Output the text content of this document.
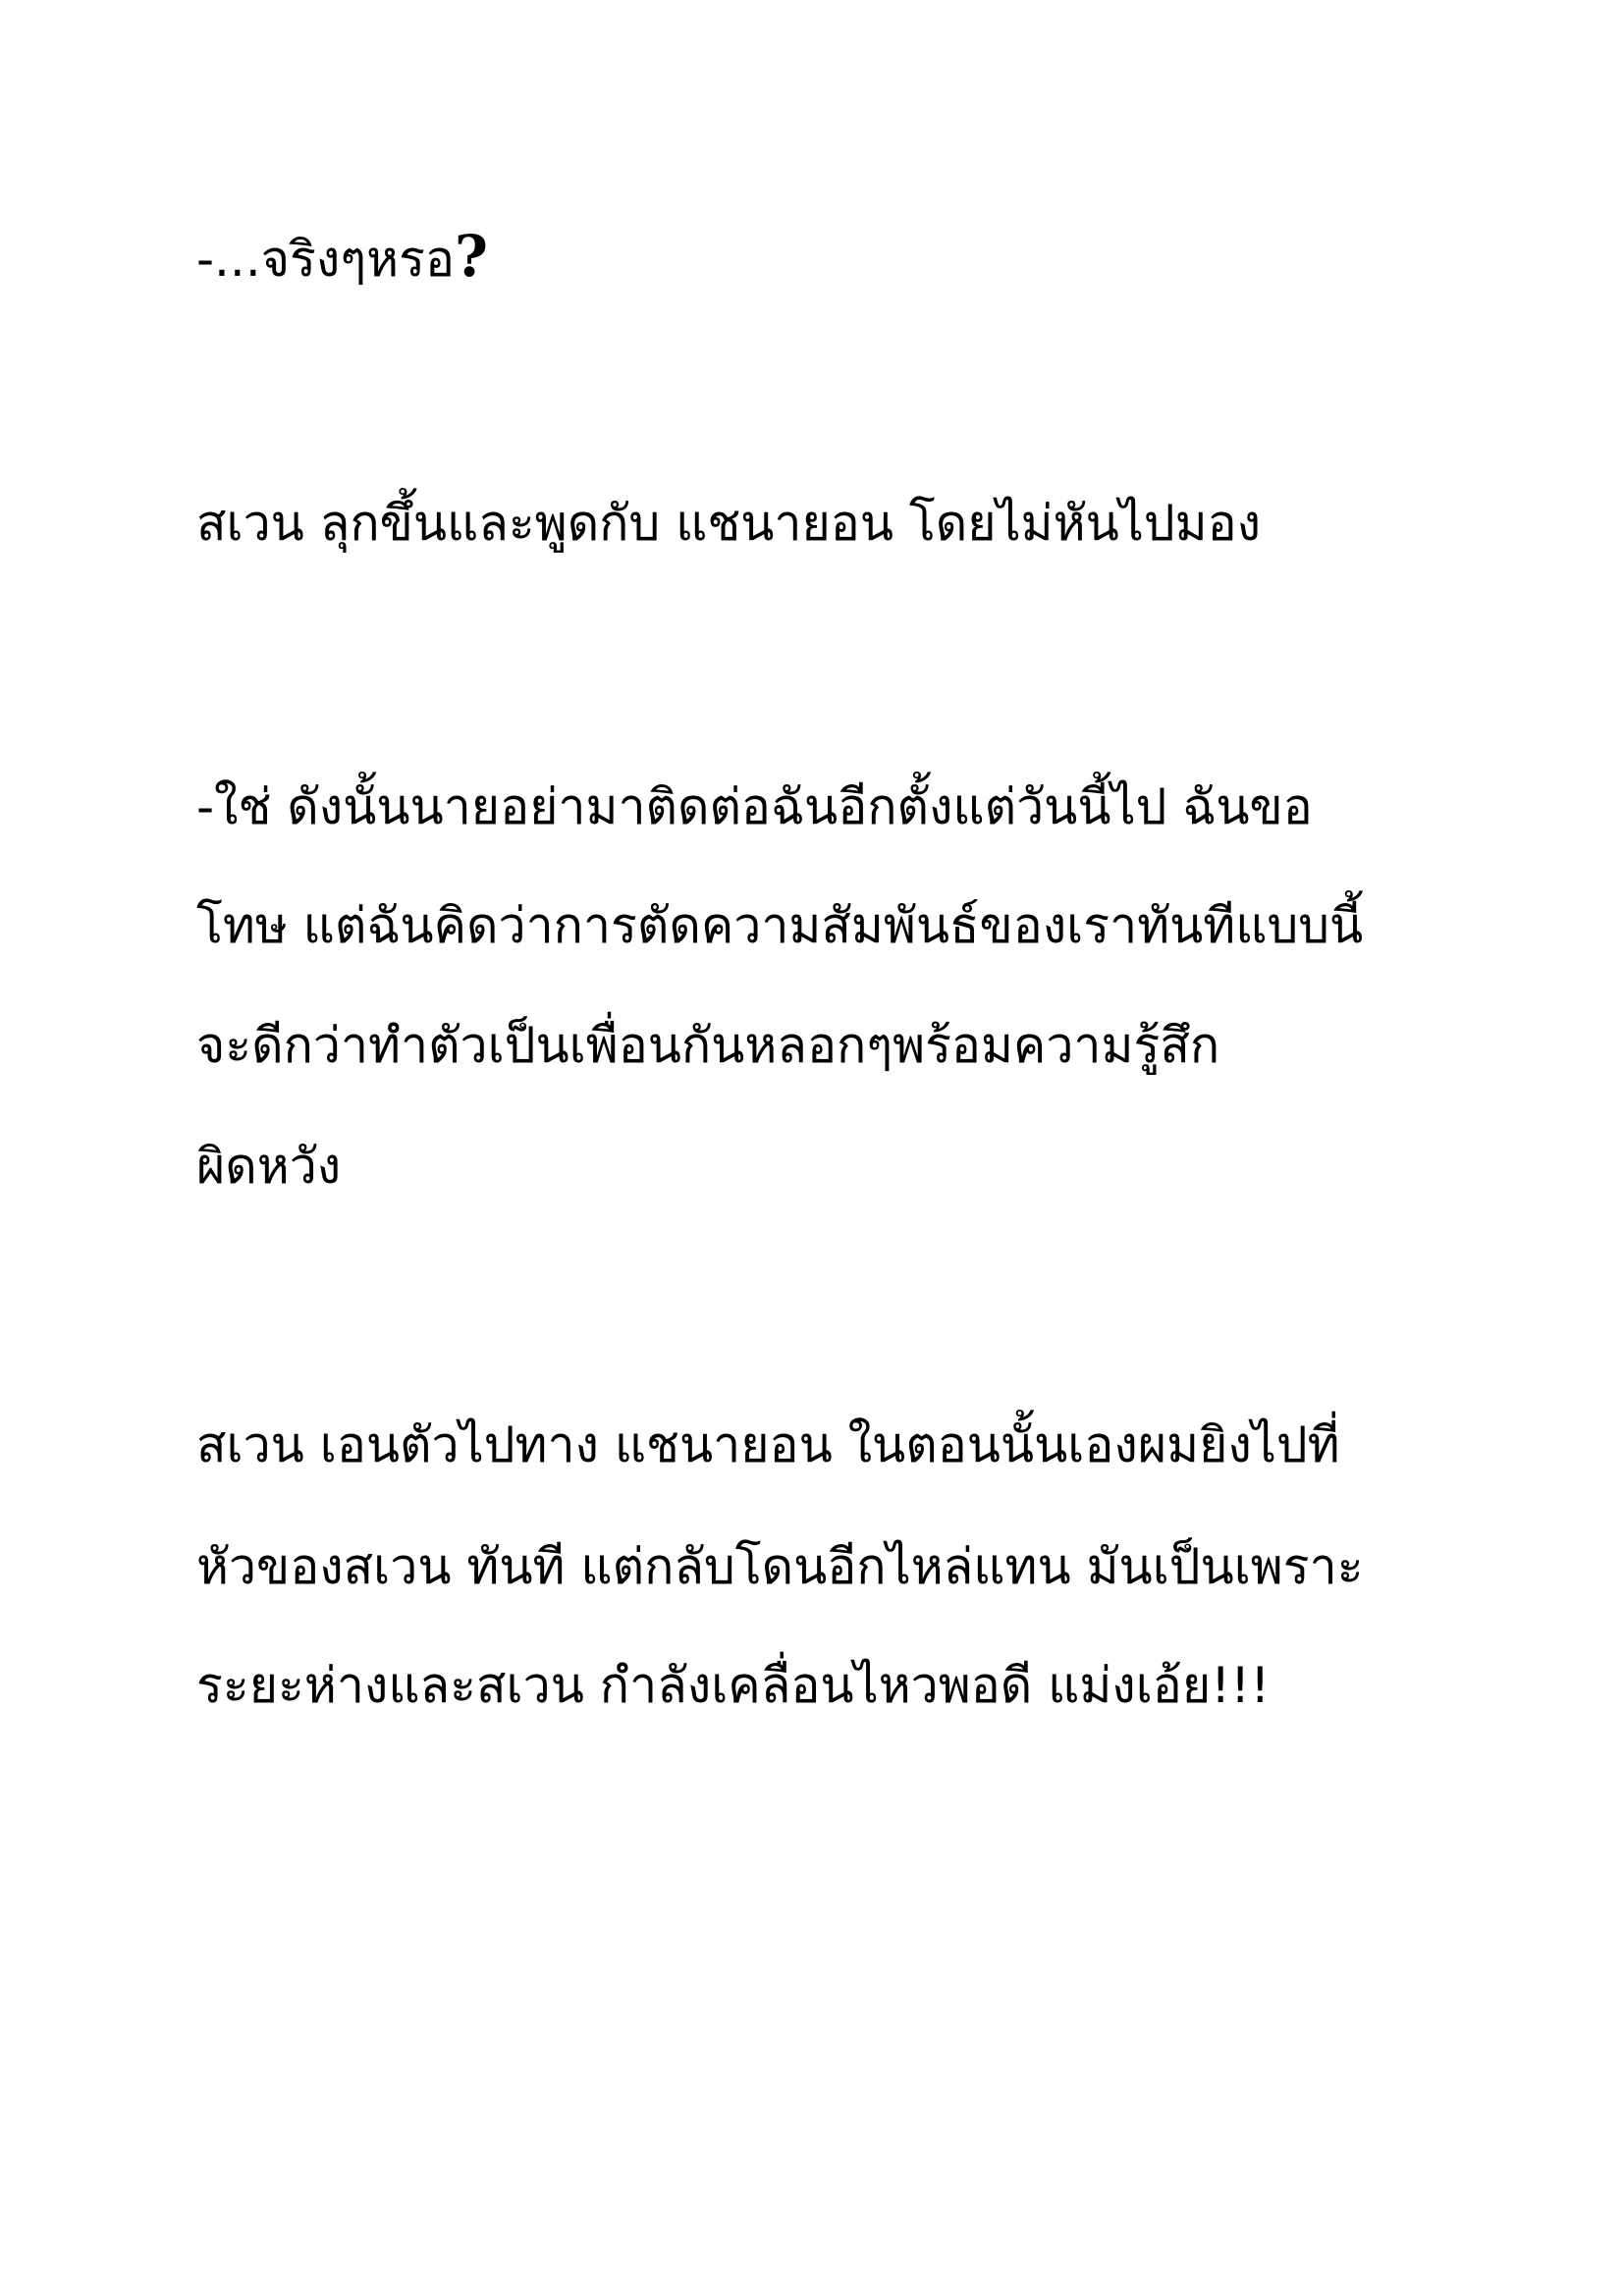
-...จริงๆหรอ?

สเวน ลุกขึ้นและพูดกับ แชนายอน โดยไม่หันไปมอง

-ใช่ ดังนั้นนายอย่ามาติดต่อฉันอีกตั้งแต่วันนี้ไป ฉันขอ

โทษ แต่ฉันคิดว่าการตัดความสัมพันธ์ของเราทันทีแบบนี้

จะดีกว่าทำตัวเป็นเพื่อนกันหลอกๆพร้อมความรู้สึก

ผิดหวัง

สเวน เอนตัวไปทาง แชนายอน ในตอนนั้นเองผมยิงไปที่

หัวของสเวน ทันที แต่กลับโดนอีกไหล่แทน มันเป็นเพราะ

ระยะห่างและสเวน กำลังเคลื่อนไหวพอดี แม่งเอ้ย!!!
